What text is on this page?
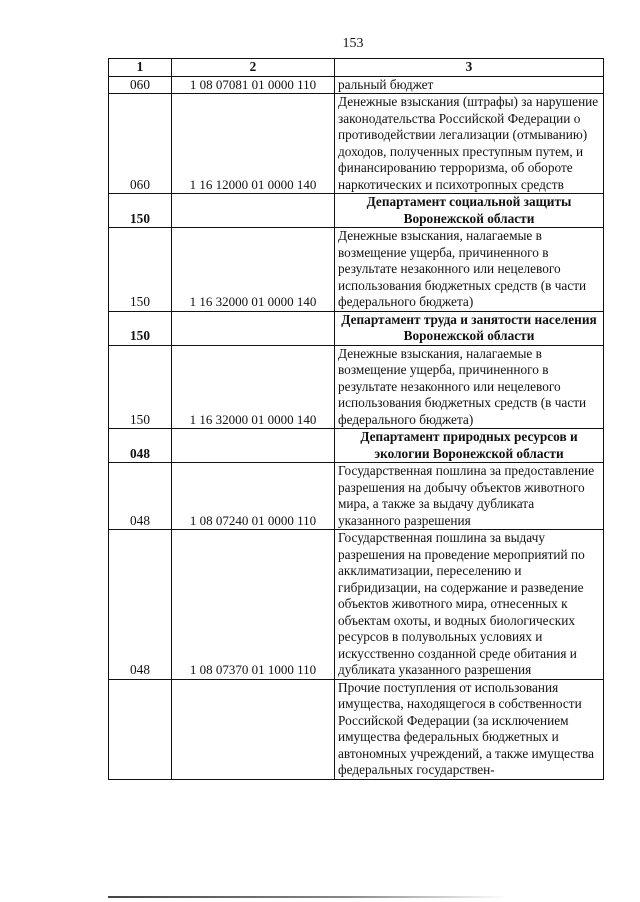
153
1	2	3
060	1 08 07081 01 0000 110	ральный бюджет
060	1 16 12000 01 0000 140	Денежные взыскания (штрафы) за нарушение законодательства Российской Федерации о противодействии легализации (отмыванию) доходов, полученных преступным путем, и финансированию терроризма, об обороте наркотических и психотропных средств
150		Департамент социальной защиты Воронежской области
150	1 16 32000 01 0000 140	Денежные взыскания, налагаемые в возмещение ущерба, причиненного в результате незаконного или нецелевого использования бюджетных средств (в части федерального бюджета)
150		Департамент труда и занятости населения Воронежской области
150	1 16 32000 01 0000 140	Денежные взыскания, налагаемые в возмещение ущерба, причиненного в результате незаконного или нецелевого использования бюджетных средств (в части федерального бюджета)
048		Департамент природных ресурсов и экологии Воронежской области
048	1 08 07240 01 0000 110	Государственная пошлина за предоставление разрешения на добычу объектов животного мира, а также за выдачу дубликата указанного разрешения
048	1 08 07370 01 1000 110	Государственная пошлина за выдачу разрешения на проведение мероприятий по акклиматизации, переселению и гибридизации, на содержание и разведение объектов животного мира, отнесенных к объектам охоты, и водных биологических ресурсов в полувольных условиях и искусственно созданной среде обитания и дубликата указанного разрешения
		Прочие поступления от использования имущества, находящегося в собственности Российской Федерации (за исключением имущества федеральных бюджетных и автономных учреждений, а также имущества федеральных государствен-
